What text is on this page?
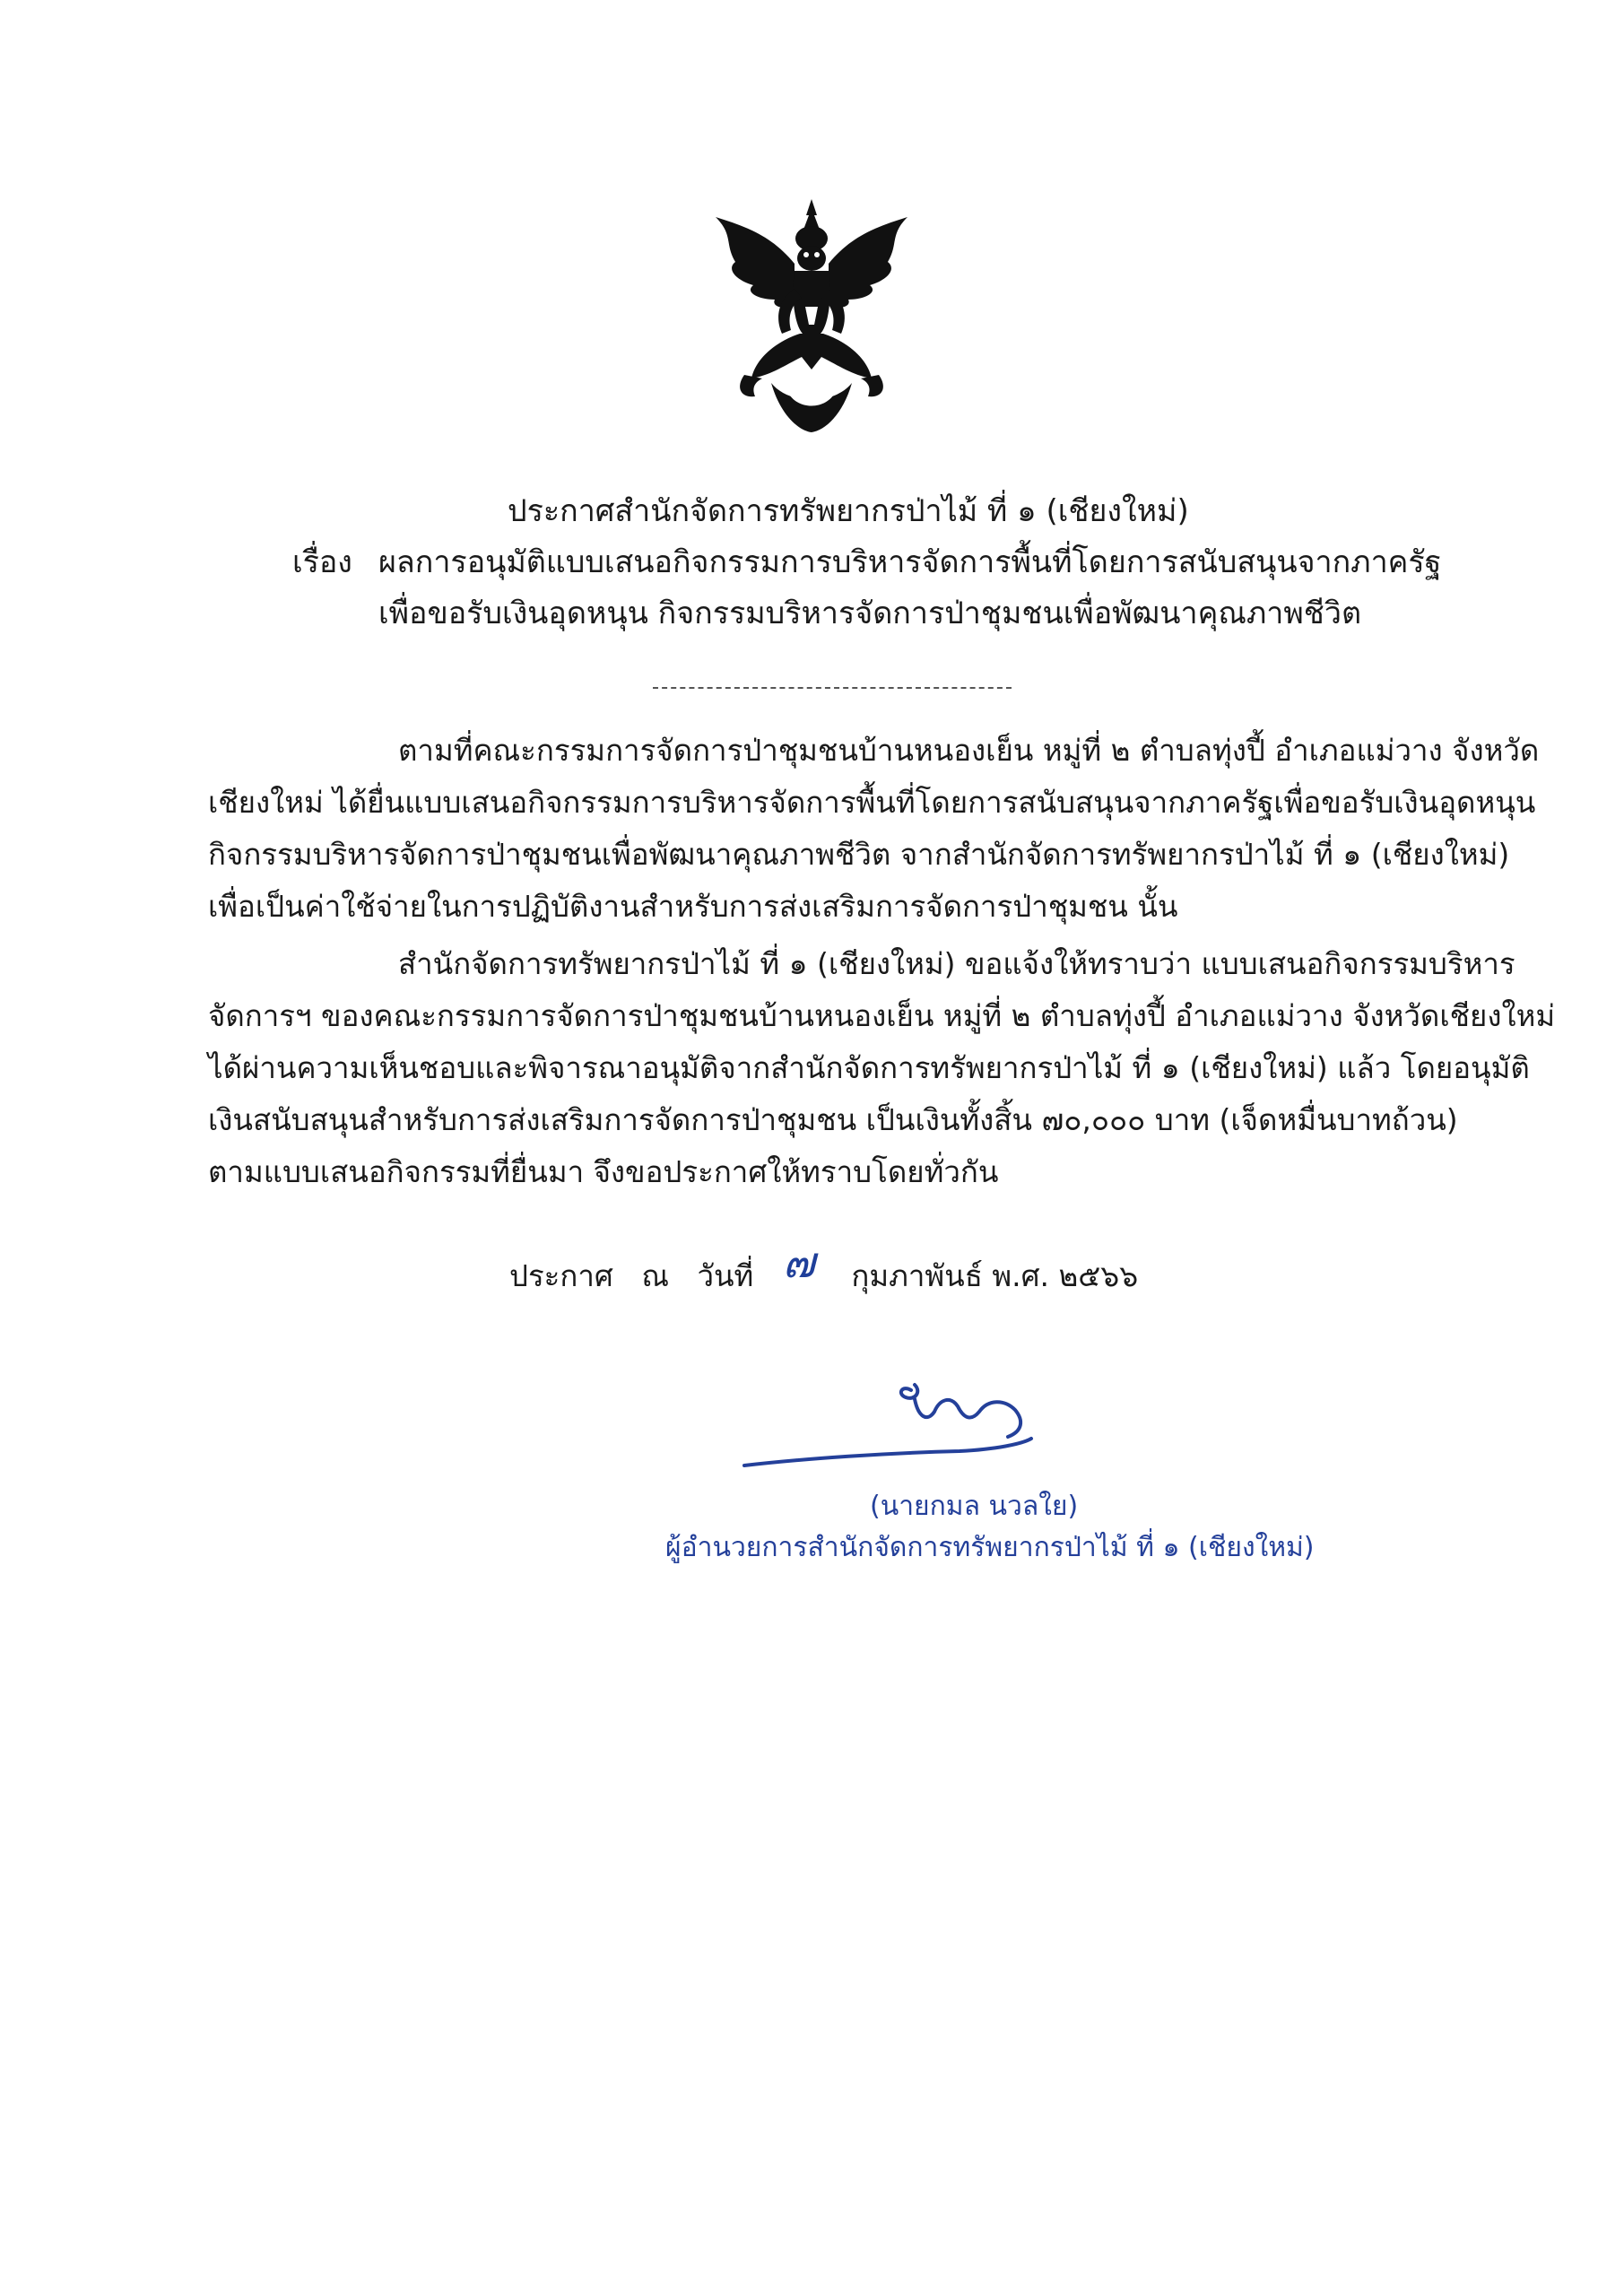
ประกาศสำนักจัดการทรัพยากรป่าไม้ ที่ ๑ (เชียงใหม่)
เรื่อง ผลการอนุมัติแบบเสนอกิจกรรมการบริหารจัดการพื้นที่โดยการสนับสนุนจากภาครัฐ
เพื่อขอรับเงินอุดหนุน กิจกรรมบริหารจัดการป่าชุมชนเพื่อพัฒนาคุณภาพชีวิต
ตามที่คณะกรรมการจัดการป่าชุมชนบ้านหนองเย็น หมู่ที่ ๒ ตำบลทุ่งปี้ อำเภอแม่วาง จังหวัด
เชียงใหม่ ได้ยื่นแบบเสนอกิจกรรมการบริหารจัดการพื้นที่โดยการสนับสนุนจากภาครัฐเพื่อขอรับเงินอุดหนุน
กิจกรรมบริหารจัดการป่าชุมชนเพื่อพัฒนาคุณภาพชีวิต จากสำนักจัดการทรัพยากรป่าไม้ ที่ ๑ (เชียงใหม่)
เพื่อเป็นค่าใช้จ่ายในการปฏิบัติงานสำหรับการส่งเสริมการจัดการป่าชุมชน นั้น
สำนักจัดการทรัพยากรป่าไม้ ที่ ๑ (เชียงใหม่) ขอแจ้งให้ทราบว่า แบบเสนอกิจกรรมบริหาร
จัดการฯ ของคณะกรรมการจัดการป่าชุมชนบ้านหนองเย็น หมู่ที่ ๒ ตำบลทุ่งปี้ อำเภอแม่วาง จังหวัดเชียงใหม่
ได้ผ่านความเห็นชอบและพิจารณาอนุมัติจากสำนักจัดการทรัพยากรป่าไม้ ที่ ๑ (เชียงใหม่) แล้ว โดยอนุมัติ
เงินสนับสนุนสำหรับการส่งเสริมการจัดการป่าชุมชน เป็นเงินทั้งสิ้น ๗๐,๐๐๐ บาท (เจ็ดหมื่นบาทถ้วน)
ตามแบบเสนอกิจกรรมที่ยื่นมา จึงขอประกาศให้ทราบโดยทั่วกัน
ประกาศ ณ วันที่ ๗ กุมภาพันธ์ พ.ศ. ๒๕๖๖
(นายกมล นวลใย)
ผู้อำนวยการสำนักจัดการทรัพยากรป่าไม้ ที่ ๑ (เชียงใหม่)
